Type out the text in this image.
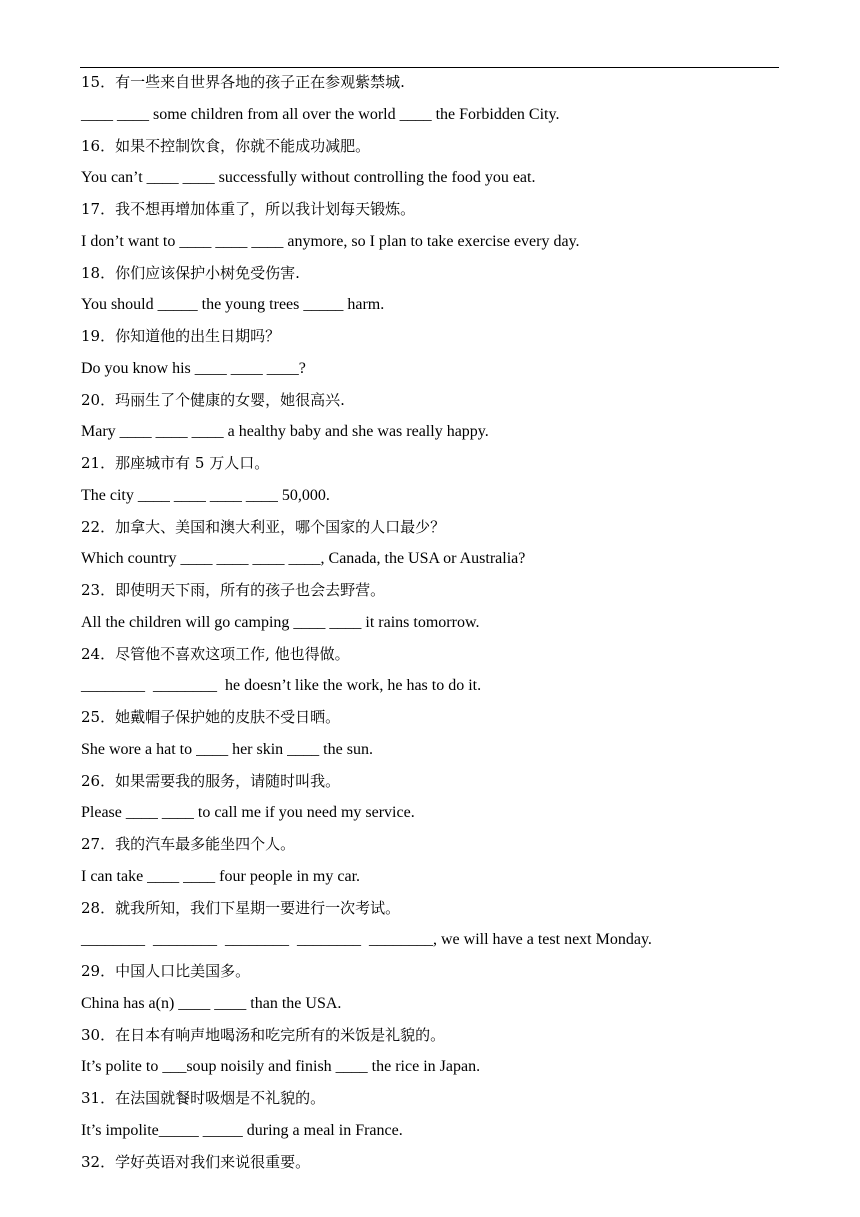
15．有一些来自世界各地的孩子正在参观紫禁城.
____ ____ some children from all over the world ____ the Forbidden City.
16．如果不控制饮食，你就不能成功减肥。
You can’t ____ ____ successfully without controlling the food you eat.
17．我不想再增加体重了，所以我计划每天锻炼。
I don’t want to ____ ____ ____ anymore, so I plan to take exercise every day.
18．你们应该保护小树免受伤害.
You should _____ the young trees _____ harm.
19．你知道他的出生日期吗？
Do you know his ____ ____ ____?
20．玛丽生了个健康的女婴，她很高兴.
Mary ____ ____ ____ a healthy baby and she was really happy.
21．那座城市有 5 万人口。
The city ____ ____ ____ ____ 50,000.
22．加拿大、美国和澳大利亚，哪个国家的人口最少？
Which country ____ ____ ____ ____, Canada, the USA or Australia?
23．即使明天下雨，所有的孩子也会去野营。
All the children will go camping ____ ____ it rains tomorrow.
24．尽管他不喜欢这项工作, 他也得做。
________  ________  he doesn’t like the work, he has to do it.
25．她戴帽子保护她的皮肤不受日晒。
She wore a hat to ____ her skin ____ the sun.
26．如果需要我的服务，请随时叫我。
Please ____ ____ to call me if you need my service.
27．我的汽车最多能坐四个人。
I can take ____ ____ four people in my car.
28．就我所知，我们下星期一要进行一次考试。
________  ________  ________  ________  ________, we will have a test next Monday.
29．中国人口比美国多。
China has a(n) ____ ____ than the USA.
30．在日本有响声地喝汤和吃完所有的米饭是礼貌的。
It’s polite to ___soup noisily and finish ____ the rice in Japan.
31．在法国就餐时吸烟是不礼貌的。
It’s impolite_____ _____ during a meal in France.
32．学好英语对我们来说很重要。
